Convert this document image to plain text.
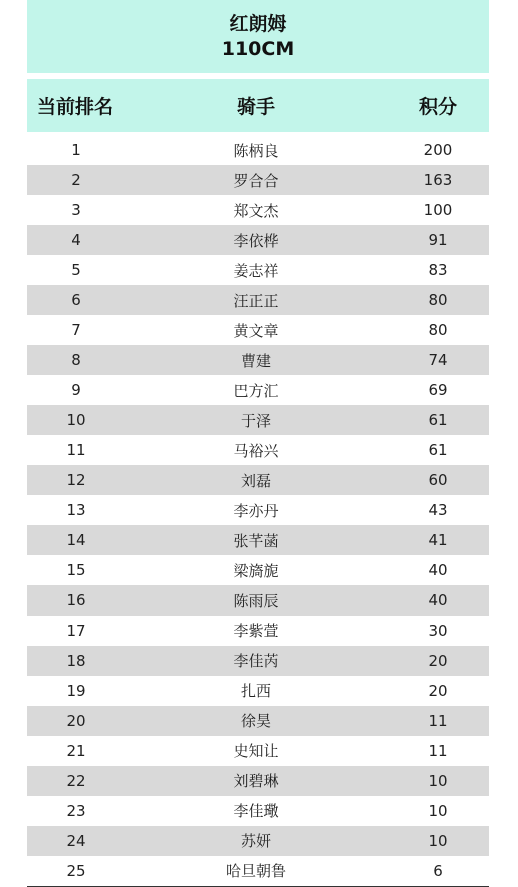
红朗姆
110CM
当前排名	骑手	积分
1	陈柄良	200
2	罗合合	163
3	郑文杰	100
4	李依桦	91
5	姜志祥	83
6	汪正正	80
7	黄文章	80
8	曹建	74
9	巴方汇	69
10	于泽	61
11	马裕兴	61
12	刘磊	60
13	李亦丹	43
14	张芊菡	41
15	梁旖旎	40
16	陈雨辰	40
17	李紫萱	30
18	李佳芮	20
19	扎西	20
20	徐昊	11
21	史知让	11
22	刘碧琳	10
23	李佳璥	10
24	苏妍	10
25	哈旦朝鲁	6
